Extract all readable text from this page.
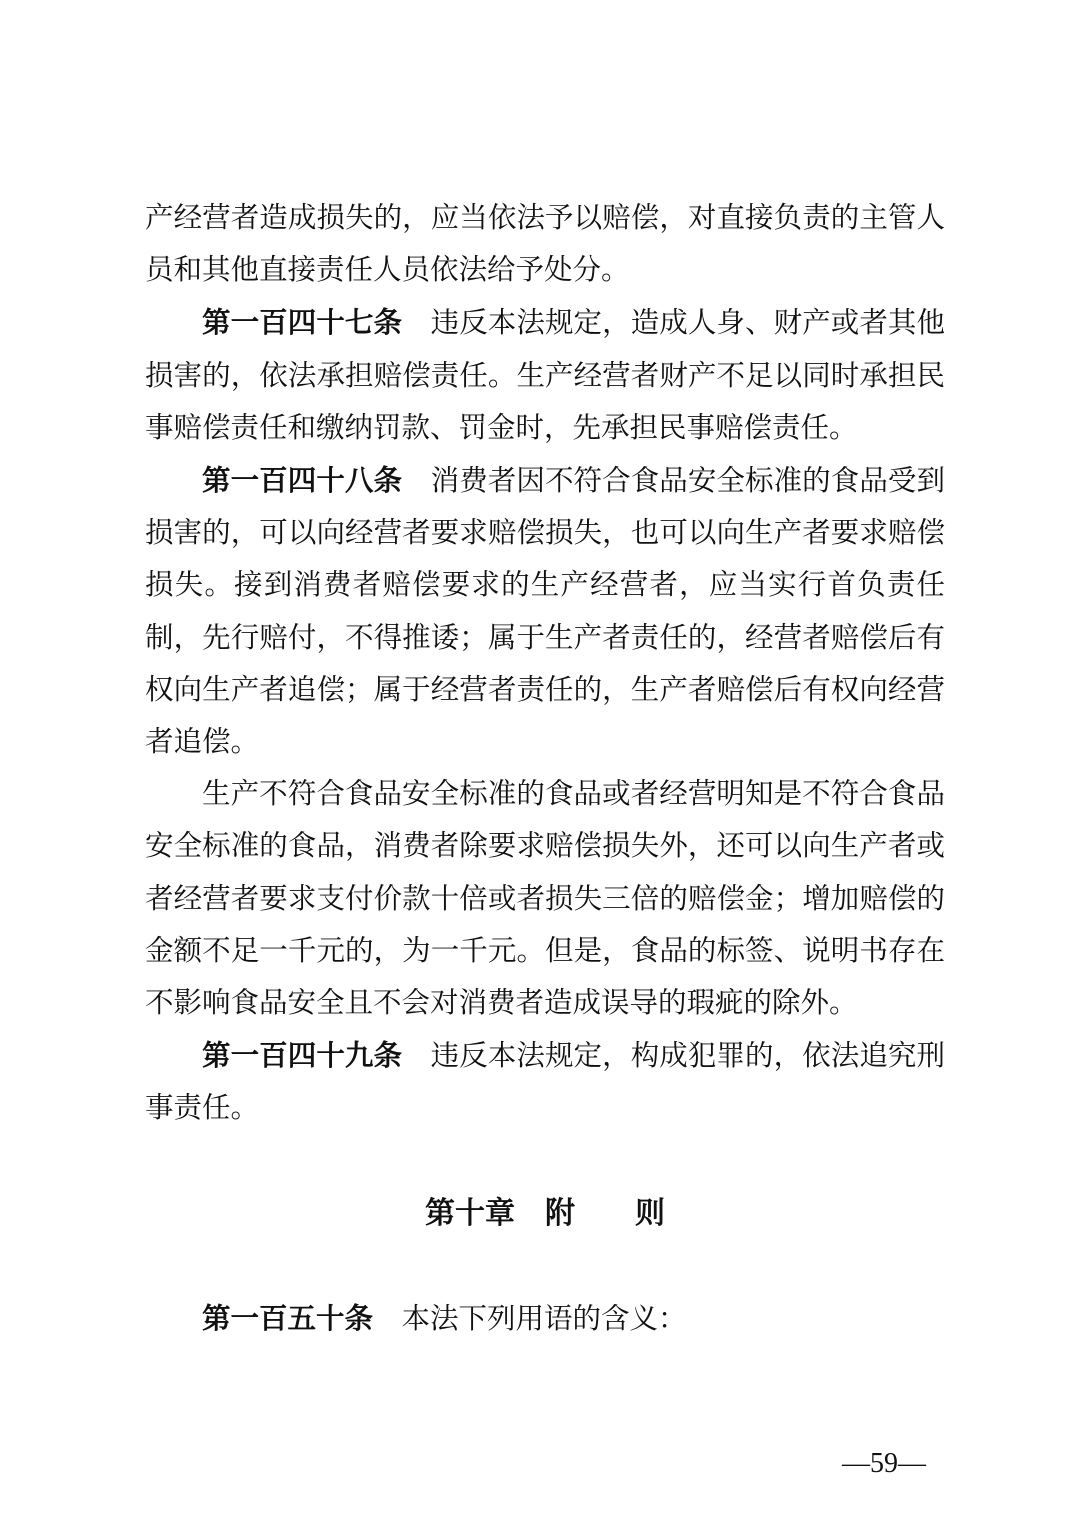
产经营者造成损失的，应当依法予以赔偿，对直接负责的主管人员和其他直接责任人员依法给予处分。

第一百四十七条　违反本法规定，造成人身、财产或者其他损害的，依法承担赔偿责任。生产经营者财产不足以同时承担民事赔偿责任和缴纳罚款、罚金时，先承担民事赔偿责任。

第一百四十八条　消费者因不符合食品安全标准的食品受到损害的，可以向经营者要求赔偿损失，也可以向生产者要求赔偿损失。接到消费者赔偿要求的生产经营者，应当实行首负责任制，先行赔付，不得推诿；属于生产者责任的，经营者赔偿后有权向生产者追偿；属于经营者责任的，生产者赔偿后有权向经营者追偿。

生产不符合食品安全标准的食品或者经营明知是不符合食品安全标准的食品，消费者除要求赔偿损失外，还可以向生产者或者经营者要求支付价款十倍或者损失三倍的赔偿金；增加赔偿的金额不足一千元的，为一千元。但是，食品的标签、说明书存在不影响食品安全且不会对消费者造成误导的瑕疵的除外。

第一百四十九条　违反本法规定，构成犯罪的，依法追究刑事责任。

第十章　附　　则

第一百五十条　本法下列用语的含义：

—59—
